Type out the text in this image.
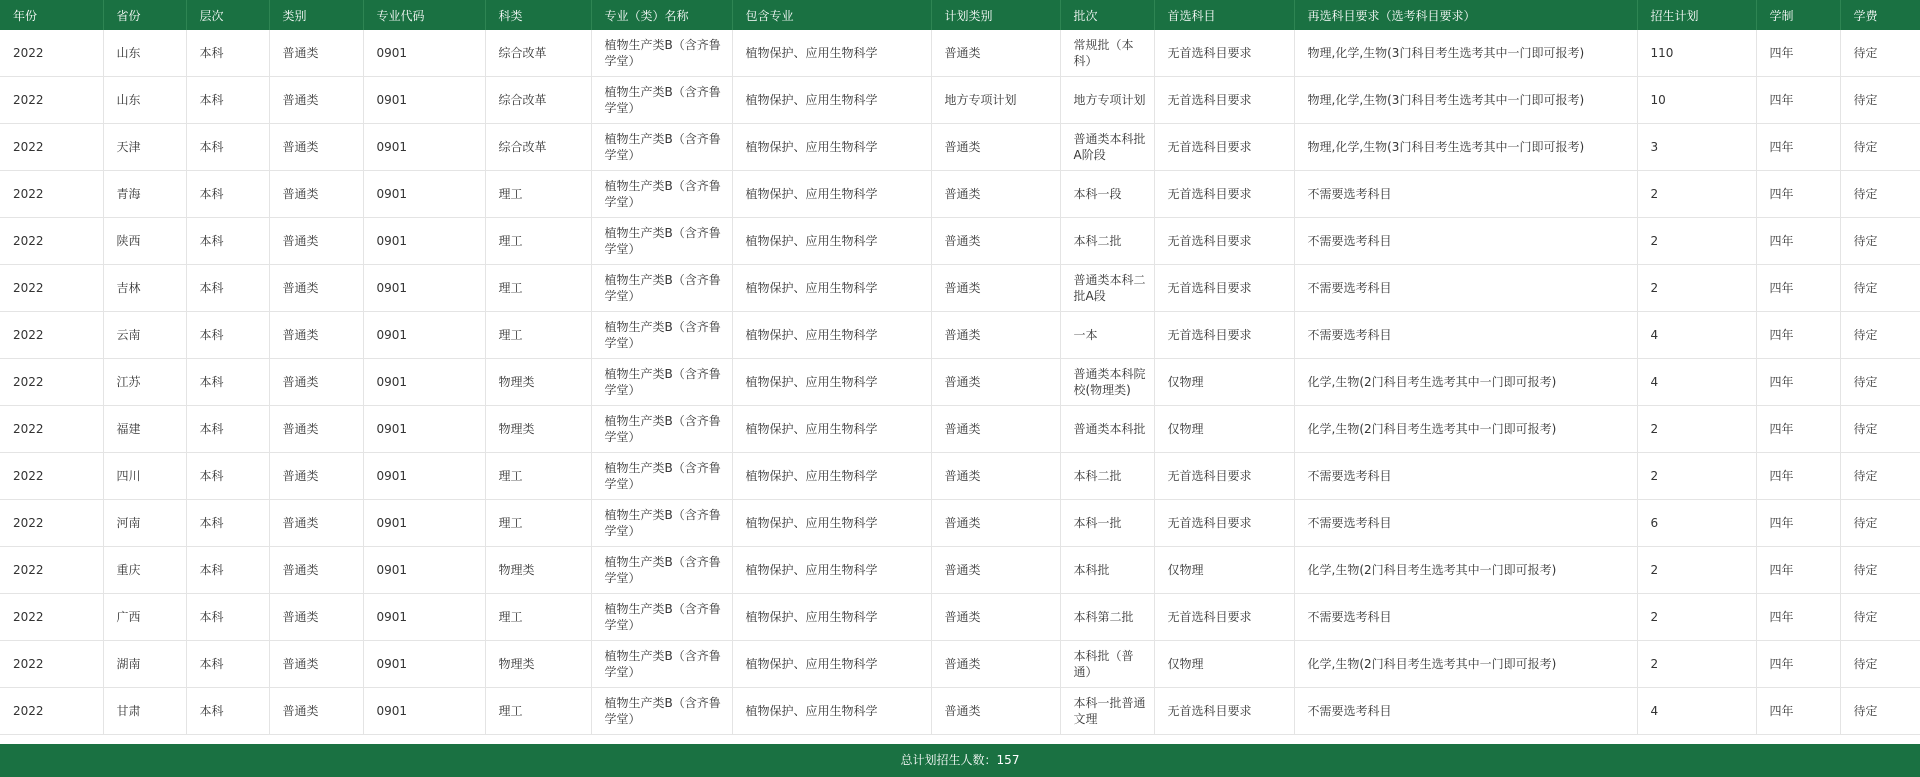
年份	省份	层次	类别	专业代码	科类	专业（类）名称	包含专业	计划类别	批次	首选科目	再选科目要求（选考科目要求）	招生计划	学制	学费
2022	山东	本科	普通类	0901	综合改革	植物生产类B（含齐鲁学堂）	植物保护、应用生物科学	普通类	常规批（本科）	无首选科目要求	物理,化学,生物(3门科目考生选考其中一门即可报考)	110	四年	待定
2022	山东	本科	普通类	0901	综合改革	植物生产类B（含齐鲁学堂）	植物保护、应用生物科学	地方专项计划	地方专项计划	无首选科目要求	物理,化学,生物(3门科目考生选考其中一门即可报考)	10	四年	待定
2022	天津	本科	普通类	0901	综合改革	植物生产类B（含齐鲁学堂）	植物保护、应用生物科学	普通类	普通类本科批A阶段	无首选科目要求	物理,化学,生物(3门科目考生选考其中一门即可报考)	3	四年	待定
2022	青海	本科	普通类	0901	理工	植物生产类B（含齐鲁学堂）	植物保护、应用生物科学	普通类	本科一段	无首选科目要求	不需要选考科目	2	四年	待定
2022	陕西	本科	普通类	0901	理工	植物生产类B（含齐鲁学堂）	植物保护、应用生物科学	普通类	本科二批	无首选科目要求	不需要选考科目	2	四年	待定
2022	吉林	本科	普通类	0901	理工	植物生产类B（含齐鲁学堂）	植物保护、应用生物科学	普通类	普通类本科二批A段	无首选科目要求	不需要选考科目	2	四年	待定
2022	云南	本科	普通类	0901	理工	植物生产类B（含齐鲁学堂）	植物保护、应用生物科学	普通类	一本	无首选科目要求	不需要选考科目	4	四年	待定
2022	江苏	本科	普通类	0901	物理类	植物生产类B（含齐鲁学堂）	植物保护、应用生物科学	普通类	普通类本科院校(物理类)	仅物理	化学,生物(2门科目考生选考其中一门即可报考)	4	四年	待定
2022	福建	本科	普通类	0901	物理类	植物生产类B（含齐鲁学堂）	植物保护、应用生物科学	普通类	普通类本科批	仅物理	化学,生物(2门科目考生选考其中一门即可报考)	2	四年	待定
2022	四川	本科	普通类	0901	理工	植物生产类B（含齐鲁学堂）	植物保护、应用生物科学	普通类	本科二批	无首选科目要求	不需要选考科目	2	四年	待定
2022	河南	本科	普通类	0901	理工	植物生产类B（含齐鲁学堂）	植物保护、应用生物科学	普通类	本科一批	无首选科目要求	不需要选考科目	6	四年	待定
2022	重庆	本科	普通类	0901	物理类	植物生产类B（含齐鲁学堂）	植物保护、应用生物科学	普通类	本科批	仅物理	化学,生物(2门科目考生选考其中一门即可报考)	2	四年	待定
2022	广西	本科	普通类	0901	理工	植物生产类B（含齐鲁学堂）	植物保护、应用生物科学	普通类	本科第二批	无首选科目要求	不需要选考科目	2	四年	待定
2022	湖南	本科	普通类	0901	物理类	植物生产类B（含齐鲁学堂）	植物保护、应用生物科学	普通类	本科批（普通）	仅物理	化学,生物(2门科目考生选考其中一门即可报考)	2	四年	待定
2022	甘肃	本科	普通类	0901	理工	植物生产类B（含齐鲁学堂）	植物保护、应用生物科学	普通类	本科一批普通文理	无首选科目要求	不需要选考科目	4	四年	待定
总计划招生人数：157
